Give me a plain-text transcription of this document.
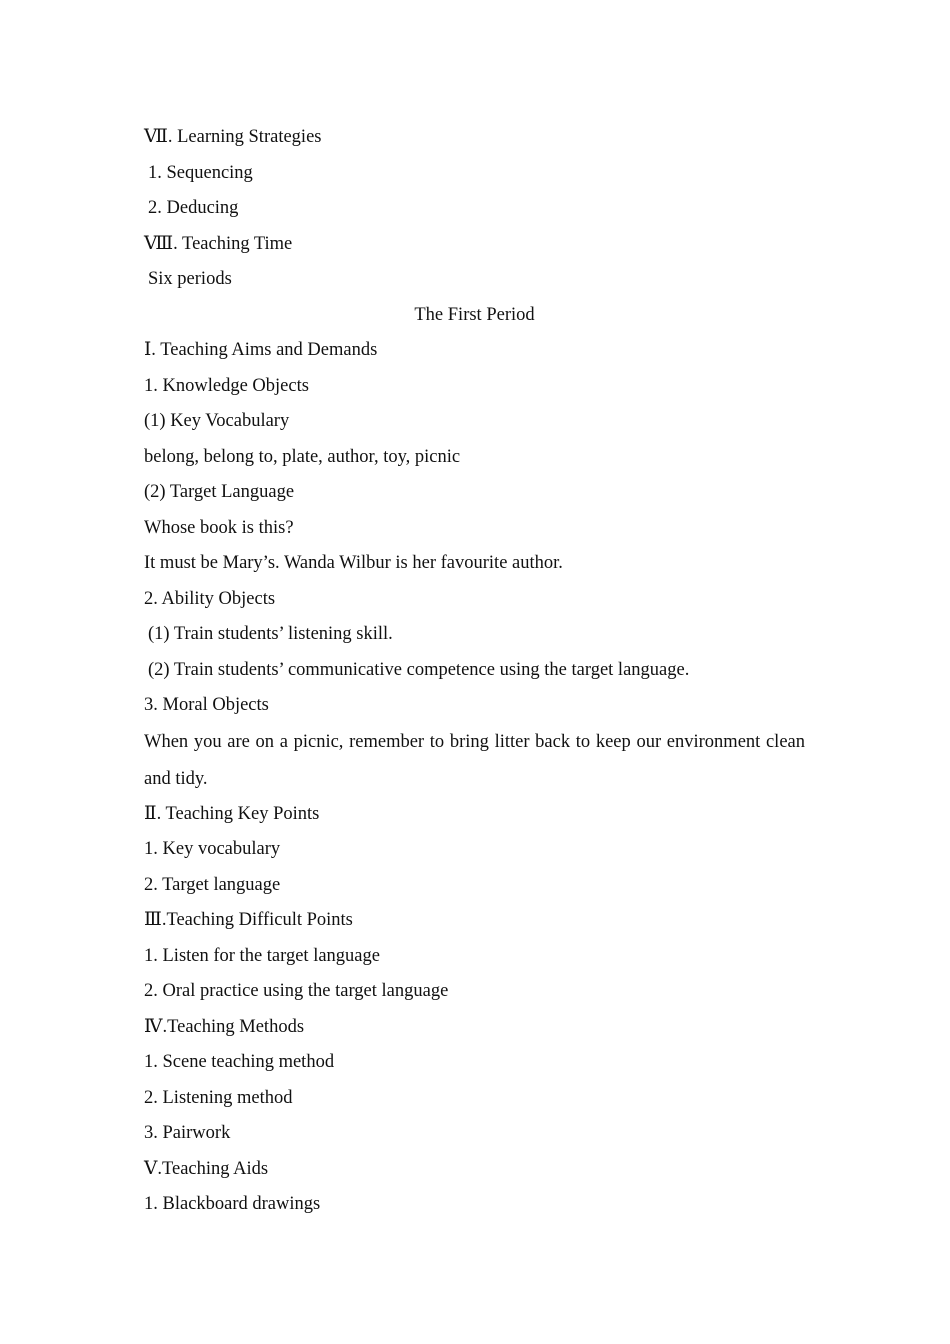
Ⅶ. Learning Strategies
1. Sequencing
2. Deducing
Ⅷ. Teaching Time
Six periods
The First Period
Ⅰ. Teaching Aims and Demands
1. Knowledge Objects
(1) Key Vocabulary
belong, belong to, plate, author, toy, picnic
(2) Target Language
Whose book is this?
It must be Mary’s. Wanda Wilbur is her favourite author.
2. Ability Objects
(1) Train students’ listening skill.
(2) Train students’ communicative competence using the target language.
3. Moral Objects
When you are on a picnic, remember to bring litter back to keep our environment clean and tidy.
Ⅱ. Teaching Key Points
1. Key vocabulary
2. Target language
Ⅲ.Teaching Difficult Points
1. Listen for the target language
2. Oral practice using the target language
Ⅳ.Teaching Methods
1. Scene teaching method
2. Listening method
3. Pairwork
Ⅴ.Teaching Aids
1. Blackboard drawings
